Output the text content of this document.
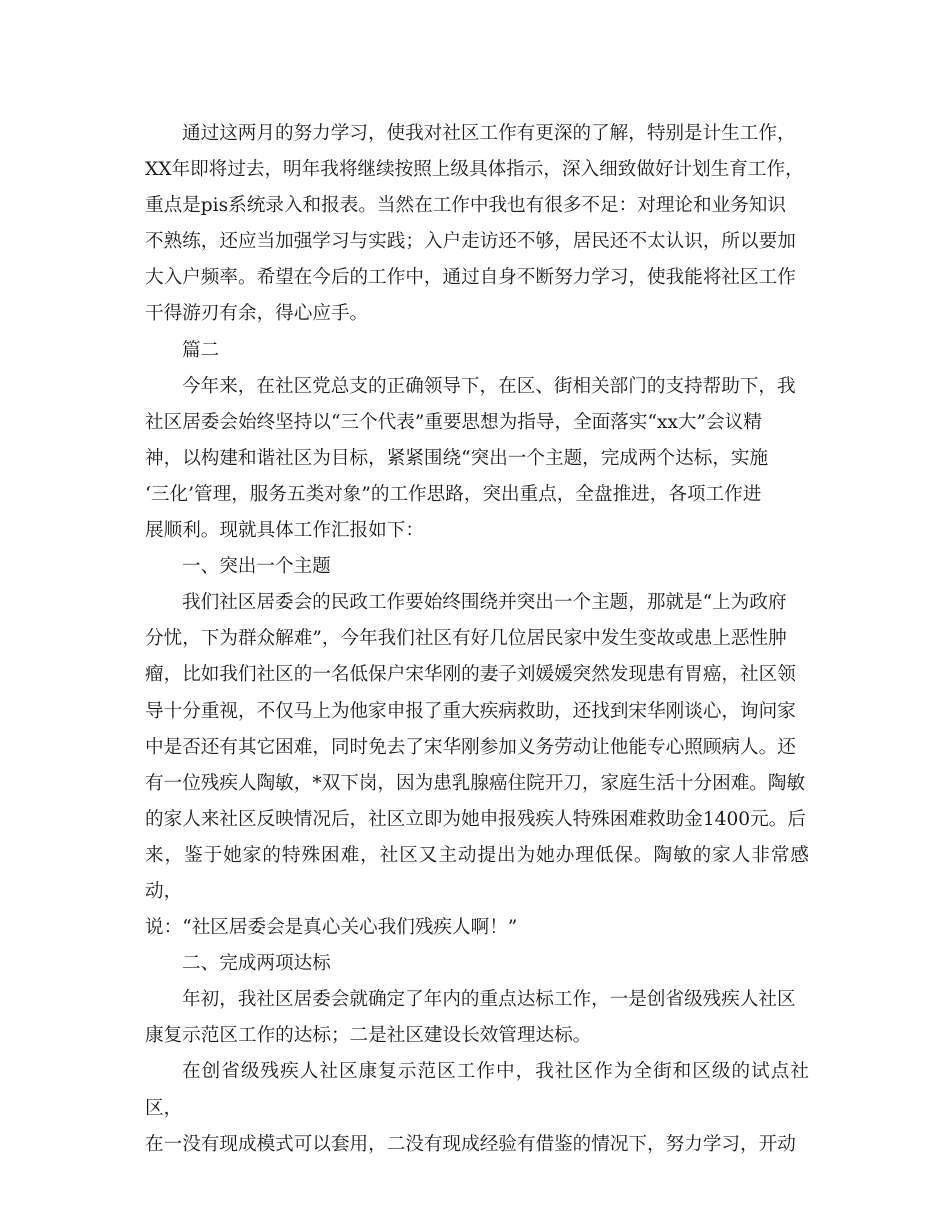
通过这两月的努力学习，使我对社区工作有更深的了解，特别是计生工作，
XX年即将过去，明年我将继续按照上级具体指示，深入细致做好计划生育工作，
重点是pis系统录入和报表。当然在工作中我也有很多不足：对理论和业务知识
不熟练，还应当加强学习与实践；入户走访还不够，居民还不太认识，所以要加
大入户频率。希望在今后的工作中，通过自身不断努力学习，使我能将社区工作
干得游刃有余，得心应手。

篇二

今年来，在社区党总支的正确领导下，在区、街相关部门的支持帮助下，我
社区居委会始终坚持以“三个代表”重要思想为指导，全面落实“xx大”会议精
神，以构建和谐社区为目标，紧紧围绕“突出一个主题，完成两个达标，实施
‘三化’管理，服务五类对象”的工作思路，突出重点，全盘推进，各项工作进
展顺利。现就具体工作汇报如下：

一、突出一个主题

我们社区居委会的民政工作要始终围绕并突出一个主题，那就是“上为政府
分忧，下为群众解难”，今年我们社区有好几位居民家中发生变故或患上恶性肿
瘤，比如我们社区的一名低保户宋华刚的妻子刘媛媛突然发现患有胃癌，社区领
导十分重视，不仅马上为他家申报了重大疾病救助，还找到宋华刚谈心，询问家
中是否还有其它困难，同时免去了宋华刚参加义务劳动让他能专心照顾病人。还
有一位残疾人陶敏，*双下岗，因为患乳腺癌住院开刀，家庭生活十分困难。陶敏
的家人来社区反映情况后，社区立即为她申报残疾人特殊困难救助金1400元。后
来，鉴于她家的特殊困难，社区又主动提出为她办理低保。陶敏的家人非常感动，
说：“社区居委会是真心关心我们残疾人啊！”

二、完成两项达标

年初，我社区居委会就确定了年内的重点达标工作，一是创省级残疾人社区
康复示范区工作的达标；二是社区建设长效管理达标。

在创省级残疾人社区康复示范区工作中，我社区作为全街和区级的试点社区，
在一没有现成模式可以套用，二没有现成经验有借鉴的情况下，努力学习，开动
